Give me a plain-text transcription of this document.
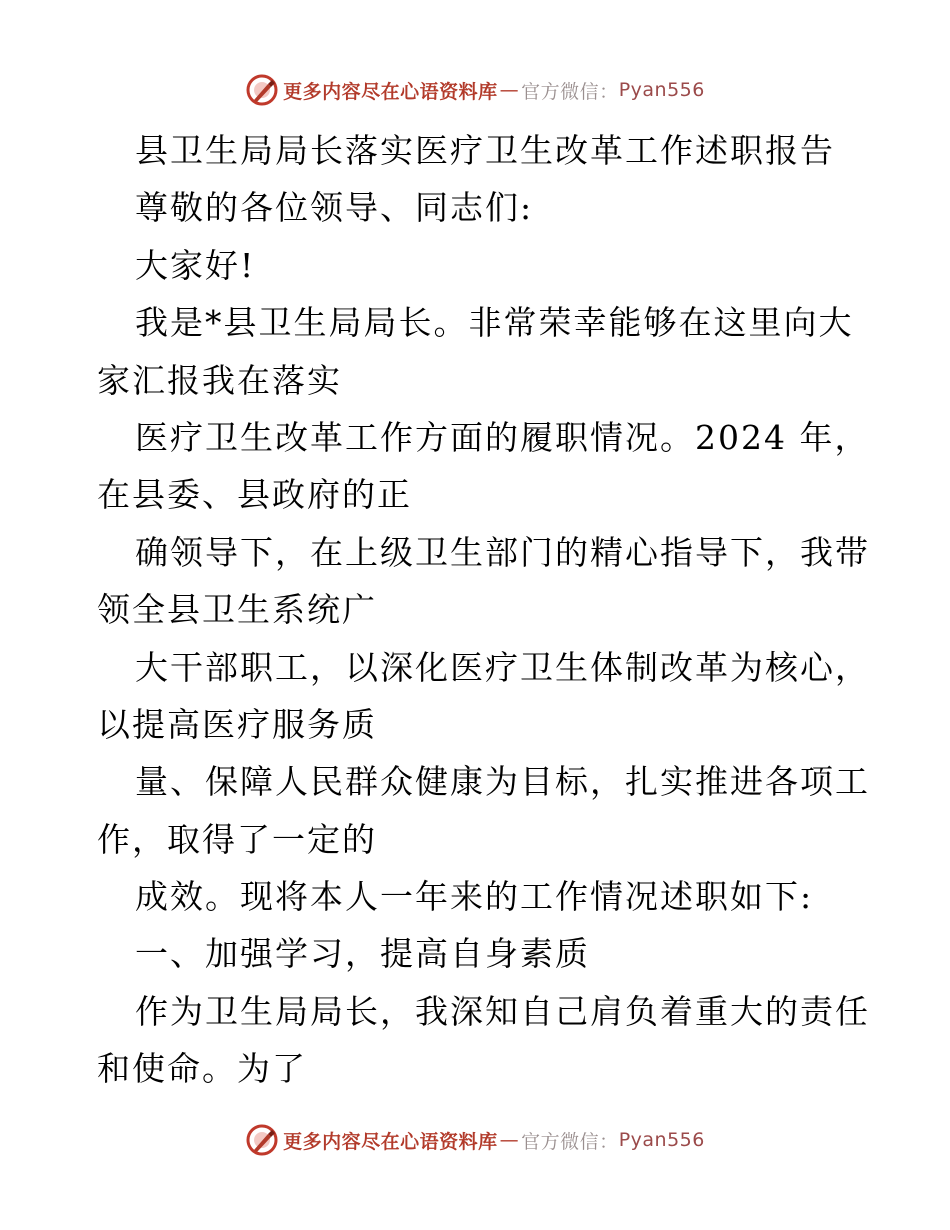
更多内容尽在心语资料库 — 官方微信： Pyan556
县卫生局局长落实医疗卫生改革工作述职报告
尊敬的各位领导、同志们:
大家好!
我是*县卫生局局长。非常荣幸能够在这里向大
家汇报我在落实
医疗卫生改革工作方面的履职情况。2024 年，
在县委、县政府的正
确领导下，在上级卫生部门的精心指导下，我带
领全县卫生系统广
大干部职工，以深化医疗卫生体制改革为核心，
以提高医疗服务质
量、保障人民群众健康为目标，扎实推进各项工
作，取得了一定的
成效。现将本人一年来的工作情况述职如下:
一、加强学习，提高自身素质
作为卫生局局长，我深知自己肩负着重大的责任
和使命。为了
更多内容尽在心语资料库 — 官方微信： Pyan556
